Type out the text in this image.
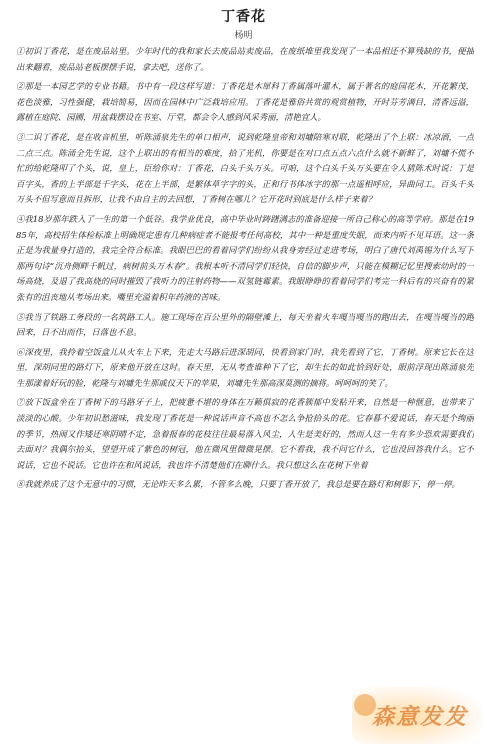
丁香花
杨明

①初识丁香花，是在废品站里。少年时代的我和家长去废品站卖废品，在废纸堆里我发现了一本品相还不算残缺的书，便抽出来翻看，废品站老板摆摆手说，拿去吧，送你了。

②那是一本园艺学的专业书籍。书中有一段这样写道：丁香花是木犀科丁香属落叶灌木，属于著名的庭园花木，开花繁茂，花色淡雅，习性强健，栽培简易，因而在园林中广泛栽培应用。丁香花是雅俗共赏的观赏植物，开时芬芳满目，清香远溢，露植在庭院、园圃，用盆栽摆设在书室、厅堂，都会令人感到风采秀丽，清艳宜人。

③二识丁香花，是在收音机里，听陈涌泉先生的单口相声，说到乾隆皇帝和刘墉陪寒对联，乾隆出了个上联：冰凉酒，一点二点三点。陈涌全先生说，这个上联出的有相当的难度，拾了光机，你要是在对口点五点六点什么就不新鲜了，刘墉不慌不忙的给乾隆叩了个头，说，皇上，臣给你对：丁香花，白头千头万头。可咱，这个白头千头万头要在令人猜陈术时说：丁是百字头，香的上半部是千字头，花在上半部，是繁体草字字的头，正和行书体冰字的那一点遥相呼应，异曲同工。百头千头万头不但写意而且拆形，让我不由自主的去回想，丁香树在哪儿？它开花时到底是什么样子来着？

④我18岁那年跌入了一生的第一个低谷。我学业优良，高中毕业时踌躇满志的准备迎接一所自己称心的高等学府。那是在1985年，高校招生体检标准上明确规定患有几种病症者不能报考任何高校，其中一种是重度失眠，而来内听不见耳语。这一条正是为我量身打造的，我完全符合标准。我眼巴巴的看着同学们纷纷从我身旁经过走进考场，明白了唐代刘禹锡为什么写下那两句诗“沉舟侧畔千帆过，病树前头万木春”。我根本听不清同学们轻快，自信的脚步声，只能在模糊记忆里搜索幼时的一场高烧，及退了我高烧的同时摧毁了我听力的注射药物——双氢链霉素。我眼睁睁的看着同学们考完一科后有的兴奋有的紧张有的沮丧地从考场出来。嘴里充溢着积年药液的苦味。

⑤我当了铁路工务段的一名筑路工人。施工现场在百公里外的隔壁滩上，每天坐着火车嘎当嘎当的跑出去，在嘎当嘎当的跑回来，日不出而作，日落也不息。

⑥深夜里，我拎着空饭盒儿从火车上下来，先走大马路后进深胡同，快看到家门时，我先看到了它，丁香树。原来它长在这里，深胡同里的路灯下，原来他开放在这时。春天里，无从考查谁种下了它，却生长的如此恰到好处，眼前浮现出陈涌泉先生那漾着好玩的脸，乾隆与刘墉先生那戚仪天下的苹果，刘墉先生那高深莫测的摘将。呵呵呵的笑了。

⑦放下饭盒坐在丁香树下的马路牙子上，把疲惫不堪的身体在万籁俱寂的花香簇郁中发粘开来，自然是一种惬意，也带来了淡淡的心酸。少年初识愁滋味，我发现丁香花是一种说话声音不高也不怎么争抢拾头的花。它春暮不爱说话，春天是个绚丽的季节，热闹又作矮还寒阴晴不定，急着报春的花枝往往最易落入风尘，人生是美好的，然而人这一生有多少恐欢需要我们去面对？我偶尔抬头，望望开成了紫色的树冠，他在微风里微微晃摆。它不看我，我不问它什么，它也没回答我什么。它不说话，它也不说话。它也许在和风说话，我也许不清楚他们在聊什么。我只想这么在花树下坐着

⑧我就养成了这个无意中的习惯，无论昨天多么累，不管多么晚，只要丁香开放了，我总是要在路灯和树影下，停一停。

森意发发
